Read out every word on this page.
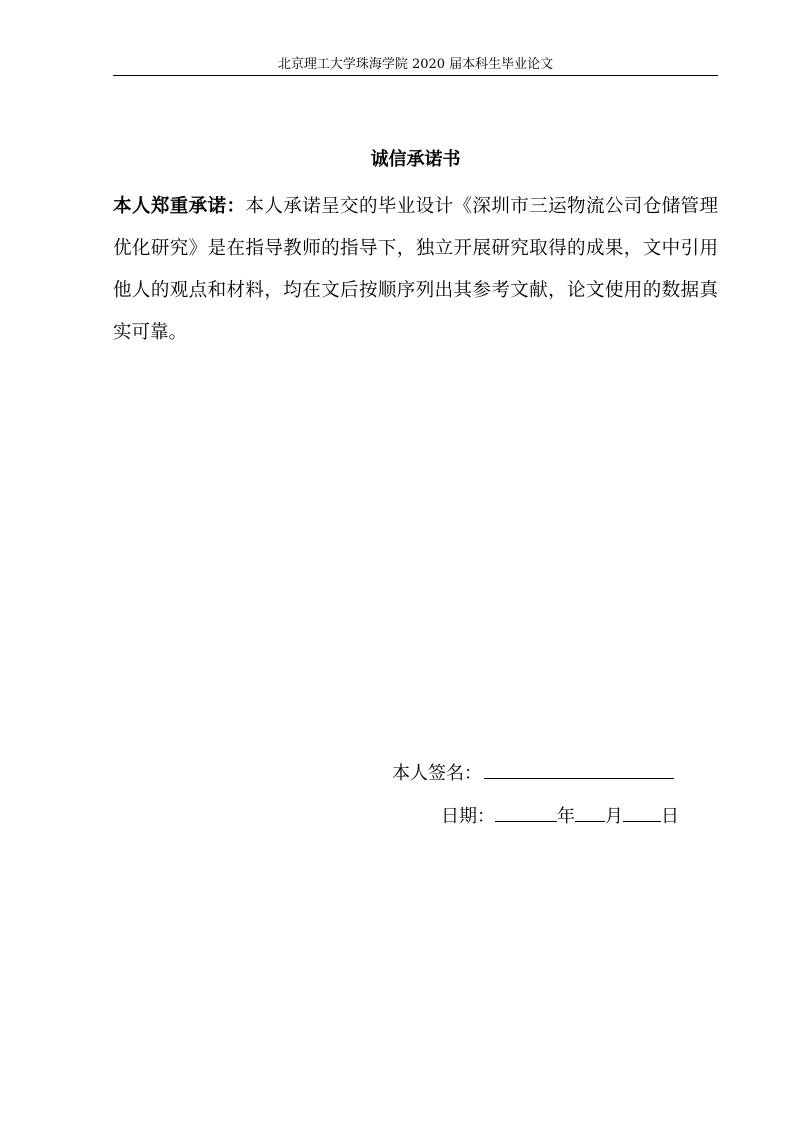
北京理工大学珠海学院 2020 届本科生毕业论文
诚信承诺书
本人郑重承诺：本人承诺呈交的毕业设计《深圳市三运物流公司仓储管理优化研究》是在指导教师的指导下，独立开展研究取得的成果，文中引用他人的观点和材料，均在文后按顺序列出其参考文献，论文使用的数据真实可靠。
本人签名：
日期：	年 月 日
